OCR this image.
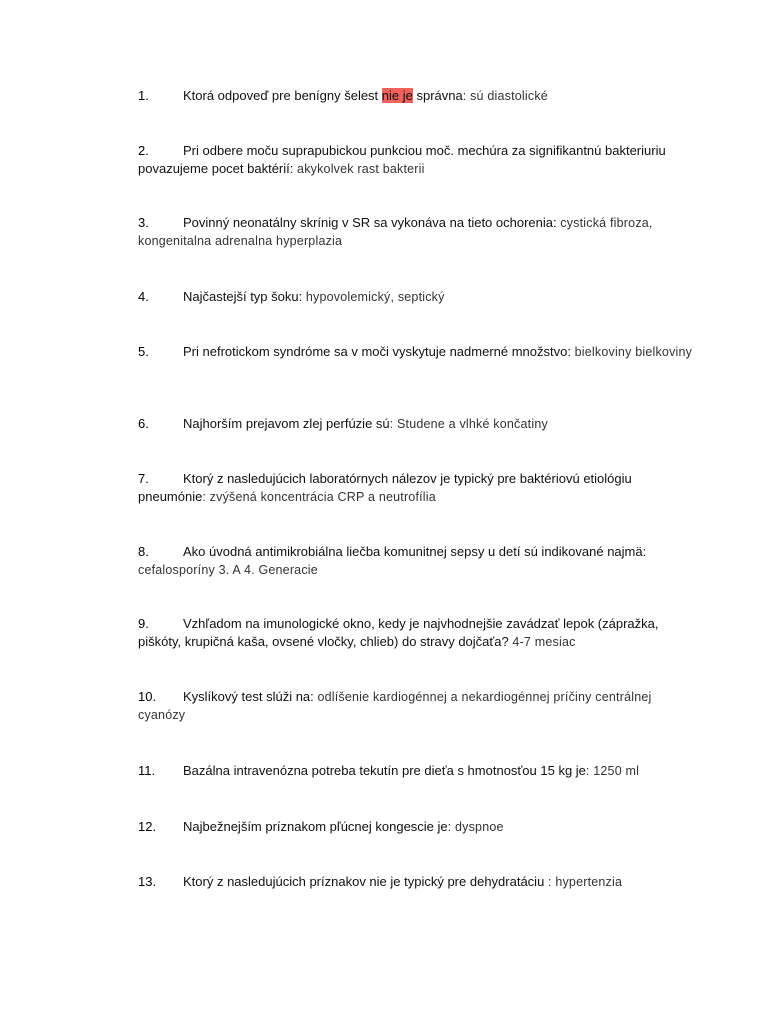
1.	Ktorá odpoveď pre benígny šelest nie je správna: sú diastolické
2.	Pri odbere moču suprapubickou punkciou moč. mechúra za signifikantnú bakteriuriu povazujeme pocet baktérií: akykolvek rast bakterii
3.	Povinný neonatálny skrínig v SR sa vykonáva na tieto ochorenia: cystická fibroza, kongenitalna adrenalna hyperplazia
4.	Najčastejší typ šoku: hypovolemický, septický
5.	Pri nefrotickom syndróme sa v moči vyskytuje nadmerné množstvo: bielkoviny bielkoviny
6.	Najhorším prejavom zlej perfúzie sú: Studene a vlhké končatiny
7.	Ktorý z nasledujúcich laboratórnych nálezov je typický pre baktériovú etiológiu pneumónie: zvýšená koncentrácia CRP a neutrofília
8.	Ako úvodná antimikrobiálna liečba komunitnej sepsy u detí sú indikované najmä: cefalosporíny 3. A 4. Generacie
9.	Vzhľadom na imunologické okno, kedy je najvhodnejšie zavádzať lepok (zápražka, piškóty, krupičná kaša, ovsené vločky, chlieb) do stravy dojčaťa? 4-7 mesiac
10. Kyslíkový test slúži na: odlíšenie kardiogénnej a nekardiogénnej príčiny centrálnej cyanózy
11. Bazálna intravenózna potreba tekutín pre dieťa s hmotnosťou 15 kg je: 1250 ml
12. Najbežnejším príznakom pľúcnej kongescie je: dyspnoe
13. Ktorý z nasledujúcich príznakov nie je typický pre dehydratáciu : hypertenzia
